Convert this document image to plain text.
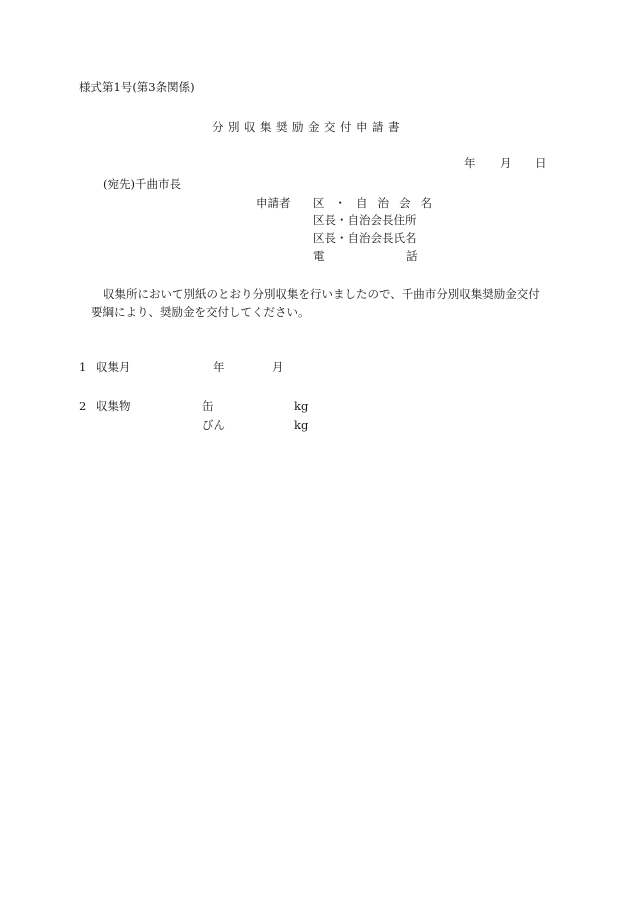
様式第1号(第3条関係)
分別収集奨励金交付申請書
年 月 日
(宛先)千曲市長
申請者 区・自治会名
区長・自治会長住所
区長・自治会長氏名
電	話
収集所において別紙のとおり分別収集を行いましたので、千曲市分別収集奨励金交付
要綱により、奨励金を交付してください。
1 収集月	年	月
2 収集物	缶	kg
びん	kg
